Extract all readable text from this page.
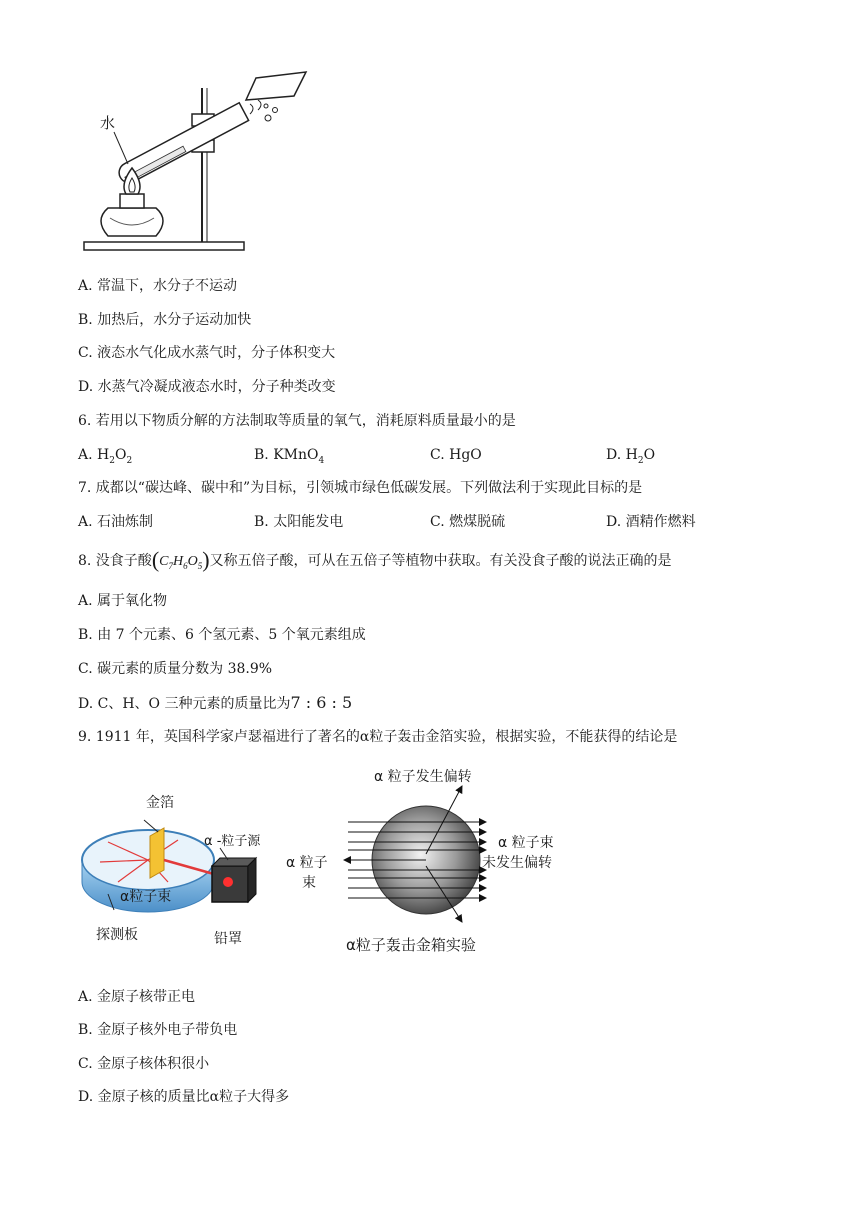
水
A. 常温下，水分子不运动
B. 加热后，水分子运动加快
C. 液态水气化成水蒸气时，分子体积变大
D. 水蒸气冷凝成液态水时，分子种类改变
6. 若用以下物质分解的方法制取等质量的氧气，消耗原料质量最小的是
A. $H_2O_2$	B. KMnO$_4$	C. HgO	D. $H_2O$
7. 成都以“碳达峰、碳中和”为目标，引领城市绿色低碳发展。下列做法利于实现此目标的是
A. 石油炼制	B. 太阳能发电	C. 燃煤脱硫	D. 酒精作燃料
8. 没食子酸$(C_7H_6O_5)$又称五倍子酸，可从在五倍子等植物中获取。有关没食子酸的说法正确的是
A. 属于氧化物
B. 由 7 个元素、6 个氢元素、5 个氧元素组成
C. 碳元素的质量分数为 38.9%
D. C、H、O 三种元素的质量比为7 : 6 : 5
9. 1911 年，英国科学家卢瑟福进行了著名的α粒子轰击金箔实验，根据实验，不能获得的结论是
金箔
α -粒子源
α粒子束
探测板	铅罩
α 粒子发生偏转
α 粒子束
未发生偏转
α 粒子
束
α粒子轰击金箱实验
A. 金原子核带正电
B. 金原子核外电子带负电
C. 金原子核体积很小
D. 金原子核的质量比α粒子大得多
